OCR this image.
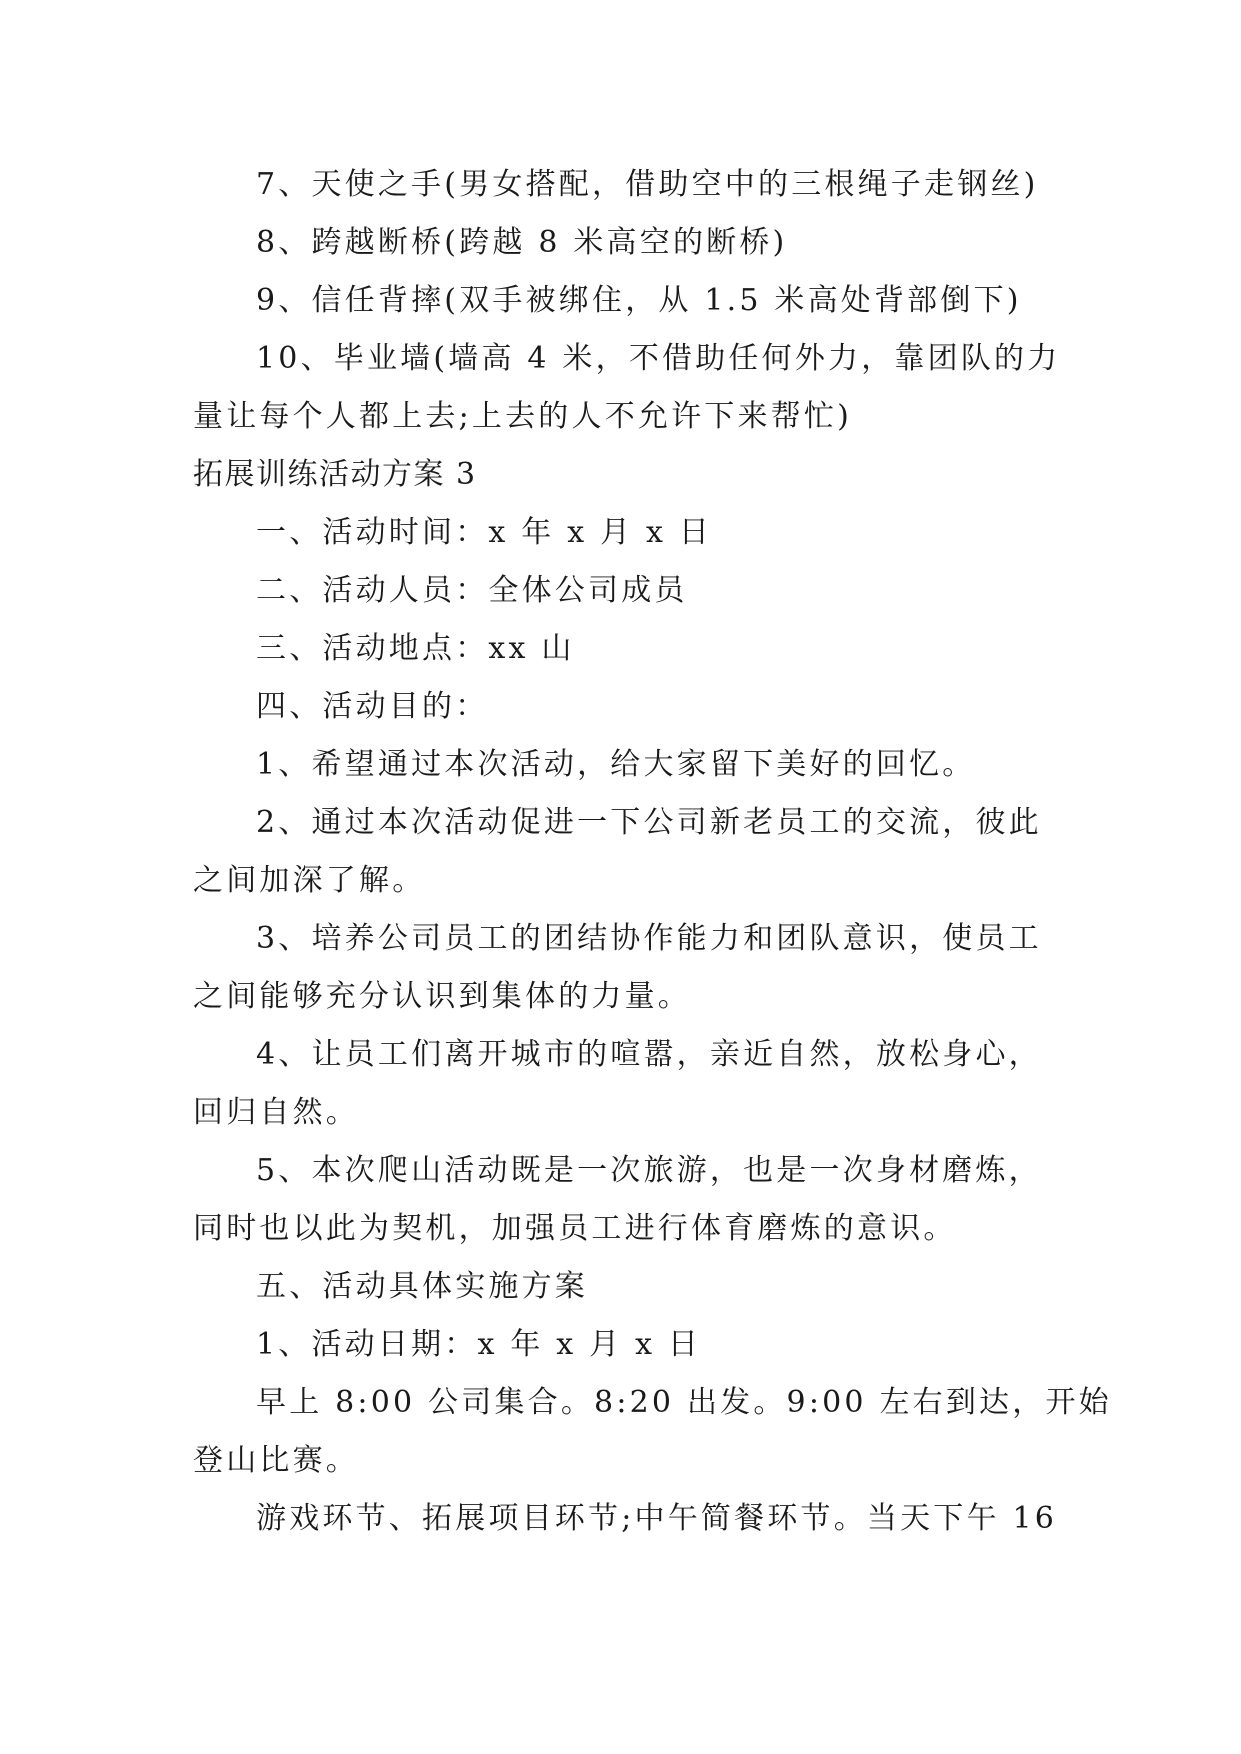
7、天使之手(男女搭配，借助空中的三根绳子走钢丝)
8、跨越断桥(跨越 8 米高空的断桥)
9、信任背摔(双手被绑住，从 1.5 米高处背部倒下)
10、毕业墙(墙高 4 米，不借助任何外力，靠团队的力
量让每个人都上去;上去的人不允许下来帮忙)
拓展训练活动方案 3
一、活动时间：x 年 x 月 x 日
二、活动人员：全体公司成员
三、活动地点：xx 山
四、活动目的：
1、希望通过本次活动，给大家留下美好的回忆。
2、通过本次活动促进一下公司新老员工的交流，彼此
之间加深了解。
3、培养公司员工的团结协作能力和团队意识，使员工
之间能够充分认识到集体的力量。
4、让员工们离开城市的喧嚣，亲近自然，放松身心，
回归自然。
5、本次爬山活动既是一次旅游，也是一次身材磨炼，
同时也以此为契机，加强员工进行体育磨炼的意识。
五、活动具体实施方案
1、活动日期：x 年 x 月 x 日
早上 8:00 公司集合。8:20 出发。9:00 左右到达，开始
登山比赛。
游戏环节、拓展项目环节;中午简餐环节。当天下午 16
